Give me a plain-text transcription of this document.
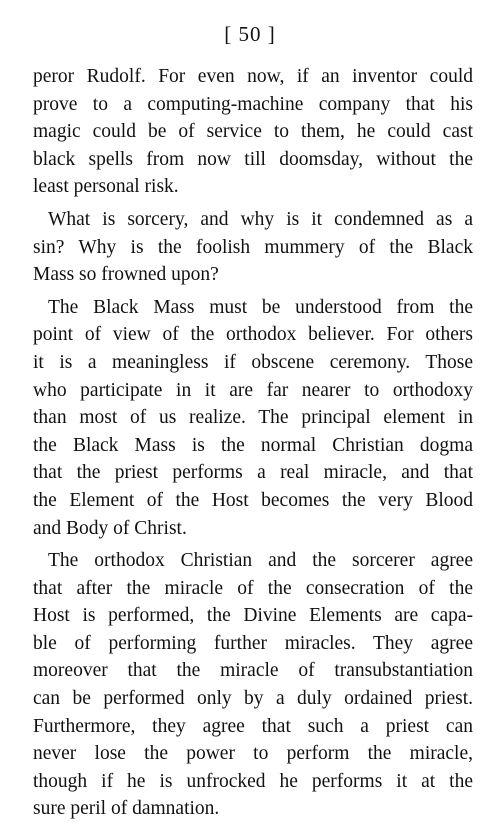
[ 50 ]
peror Rudolf. For even now, if an inventor could
prove to a computing-machine company that his
magic could be of service to them, he could cast
black spells from now till doomsday, without the
least personal risk.
What is sorcery, and why is it condemned as a
sin? Why is the foolish mummery of the Black
Mass so frowned upon?
The Black Mass must be understood from the
point of view of the orthodox believer. For others
it is a meaningless if obscene ceremony. Those
who participate in it are far nearer to orthodoxy
than most of us realize. The principal element in
the Black Mass is the normal Christian dogma
that the priest performs a real miracle, and that
the Element of the Host becomes the very Blood
and Body of Christ.
The orthodox Christian and the sorcerer agree
that after the miracle of the consecration of the
Host is performed, the Divine Elements are capa-
ble of performing further miracles. They agree
moreover that the miracle of transubstantiation
can be performed only by a duly ordained priest.
Furthermore, they agree that such a priest can
never lose the power to perform the miracle,
though if he is unfrocked he performs it at the
sure peril of damnation.
